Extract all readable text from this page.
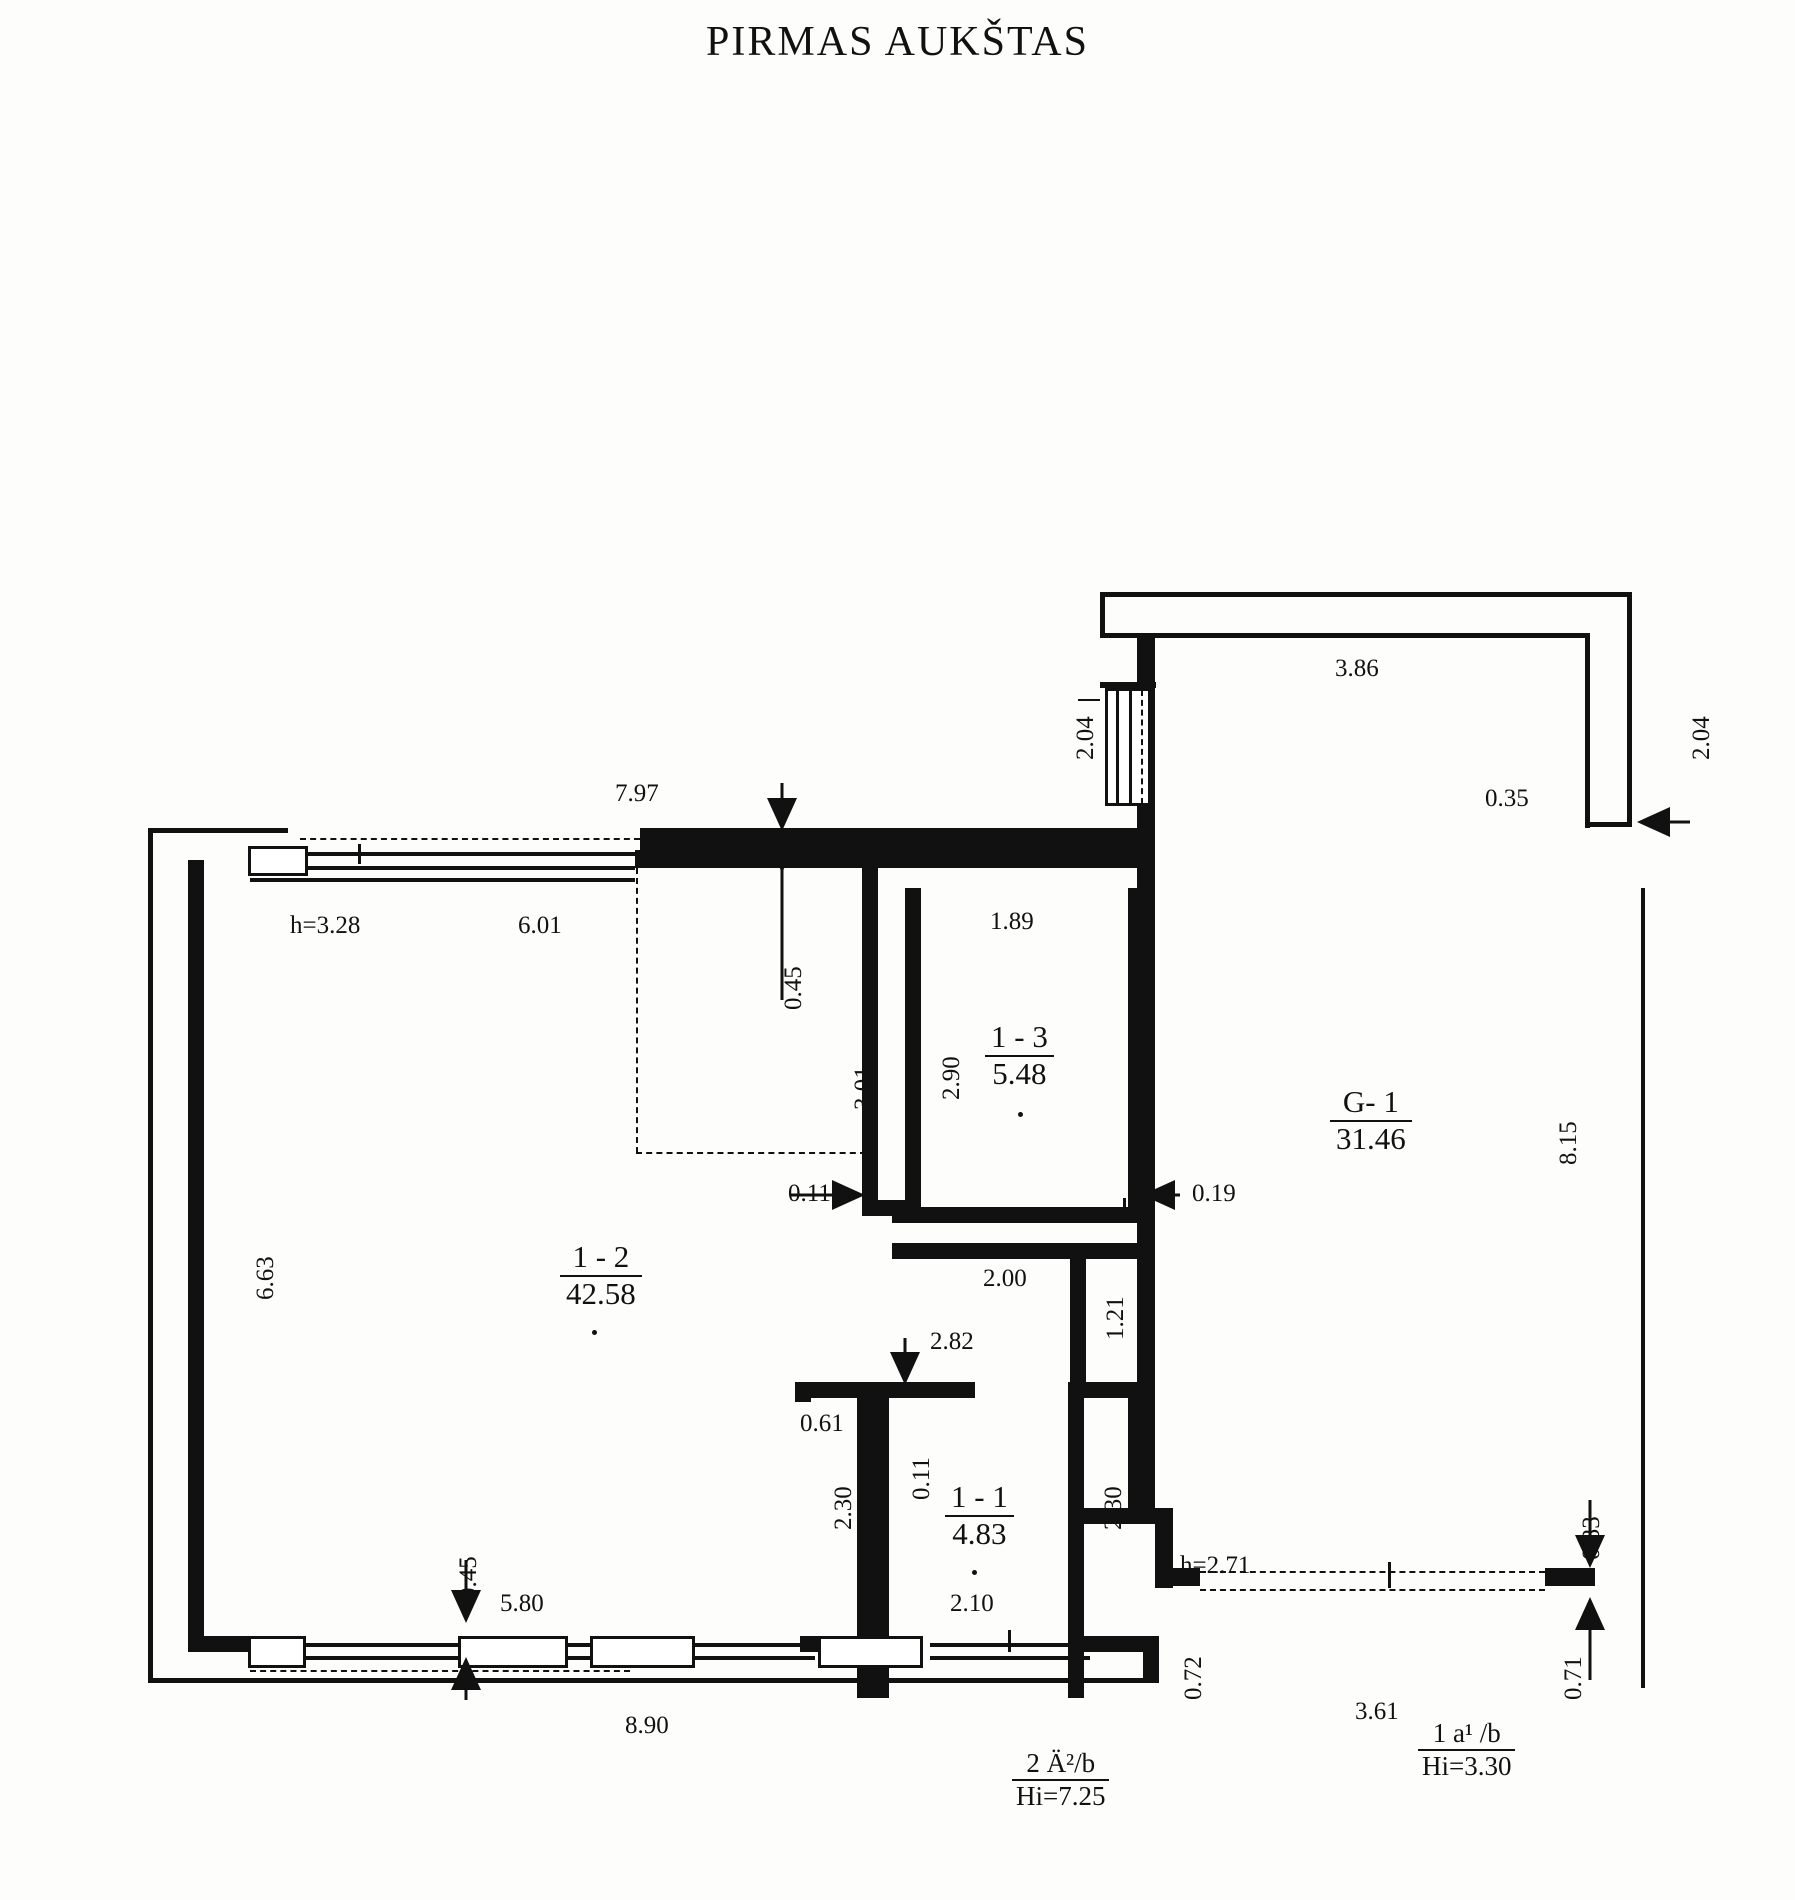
PIRMAS AUKŠTAS
7.97
3.86
2.04
2.04
0.35
h=3.28	6.01
0.45
3.01 2.90
1.89
8.15
6.63
0.11	0.19
2.00
1.21
2.82
0.61
0.11
2.30	2.30
2.10
0.45
5.80
8.90
h=2.71
0.72
3.61
0.71
0.33
1 - 2
42.58
1 - 3
5.48
1 - 1
4.83
G- 1
31.46
2 Ä²/b
Hi=7.25
1 a¹ /b
Hi=3.30
